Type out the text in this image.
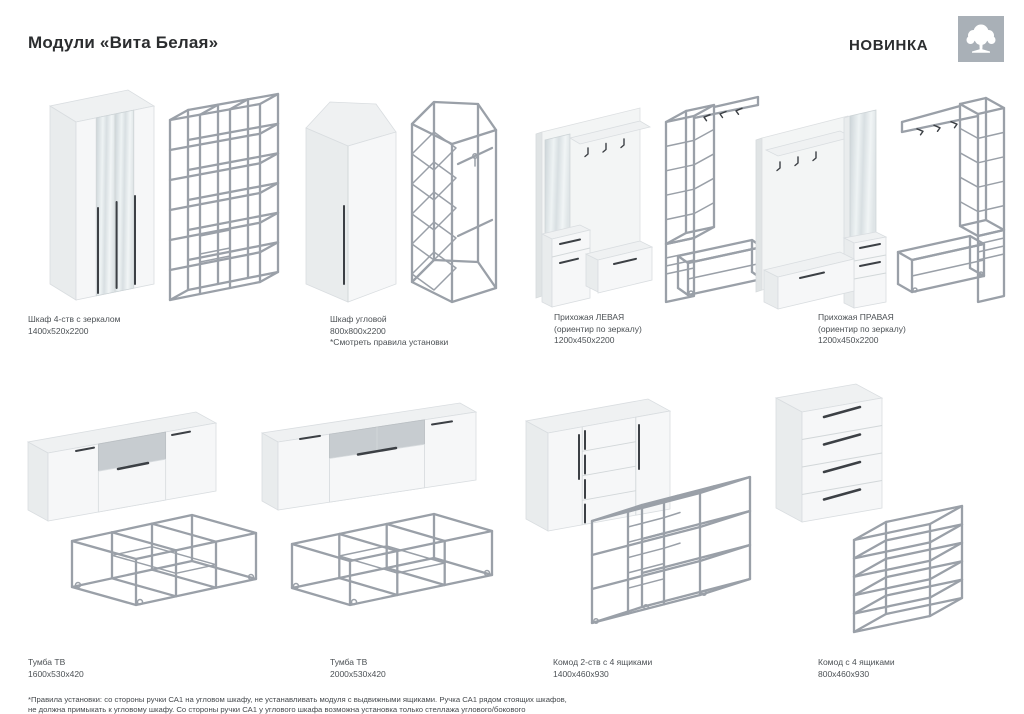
Модули «Вита Белая»	НОВИНКА
Шкаф 4-ств с зеркалом
1400х520х2200
Шкаф угловой
800х800х2200
*Смотреть правила установки
Прихожая ЛЕВАЯ
(ориентир по зеркалу)
1200х450х2200
Прихожая ПРАВАЯ
(ориентир по зеркалу)
1200х450х2200
Тумба ТВ
1600х530х420
Тумба ТВ
2000х530х420
Комод 2-ств с 4 ящиками
1400х460х930
Комод с 4 ящиками
800х460х930
*Правила установки: со стороны ручки СА1 на угловом шкафу, не устанавливать модуля с выдвижными ящиками. Ручка СА1 рядом стоящих шкафов,
не должна примыкать к угловому шкафу. Со стороны ручки СА1 у углового шкафа возможна установка только стеллажа углового/бокового
